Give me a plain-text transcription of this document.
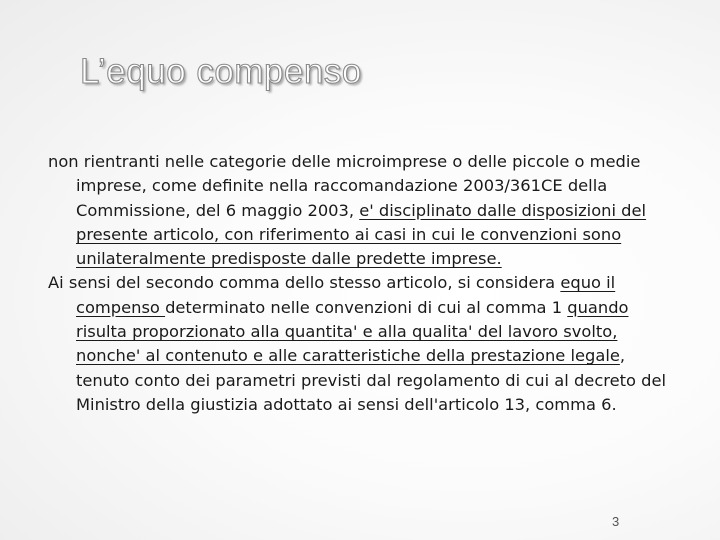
L’equo compenso

non rientranti nelle categorie delle microimprese o delle piccole o medie imprese, come definite nella raccomandazione 2003/361CE della Commissione, del 6 maggio 2003, e' disciplinato dalle disposizioni del presente articolo, con riferimento ai casi in cui le convenzioni sono unilateralmente predisposte dalle predette imprese.

Ai sensi del secondo comma dello stesso articolo, si considera equo il compenso determinato nelle convenzioni di cui al comma 1 quando risulta proporzionato alla quantita' e alla qualita' del lavoro svolto, nonche' al contenuto e alle caratteristiche della prestazione legale, tenuto conto dei parametri previsti dal regolamento di cui al decreto del Ministro della giustizia adottato ai sensi dell'articolo 13, comma 6.

3
